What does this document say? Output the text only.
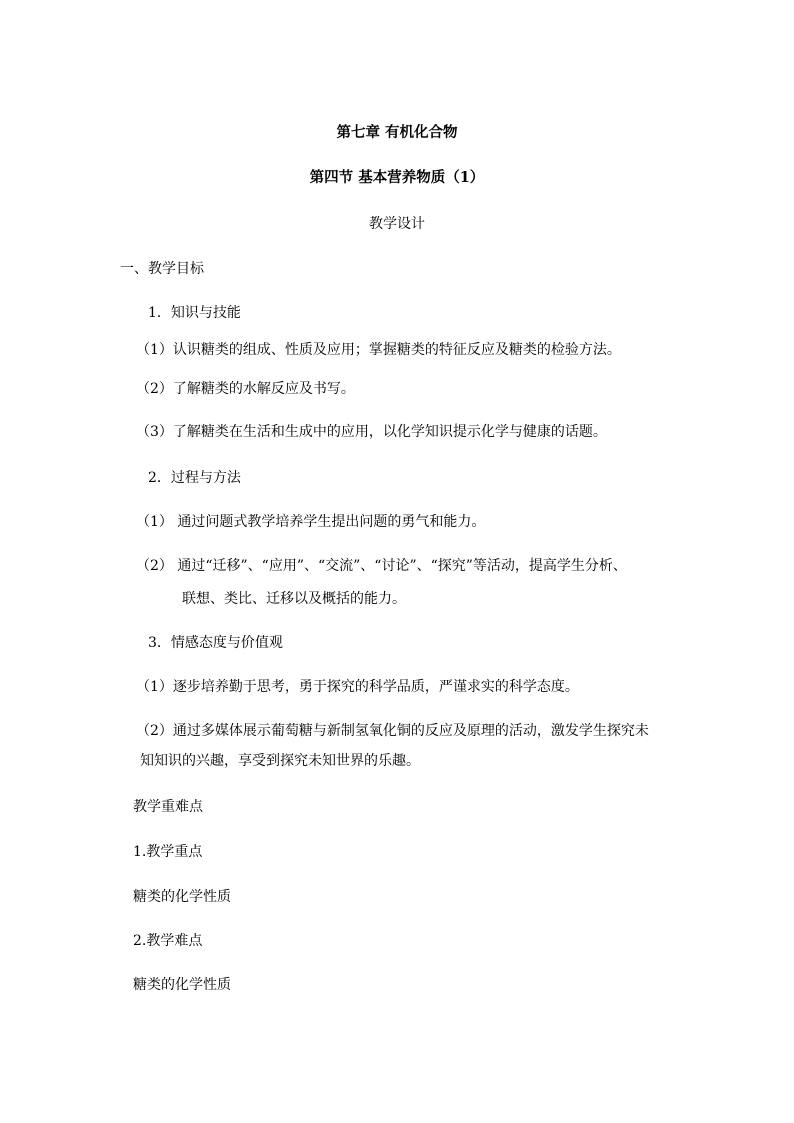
第七章 有机化合物
第四节 基本营养物质（1）
教学设计
一、教学目标
1．知识与技能
（1）认识糖类的组成、性质及应用；掌握糖类的特征反应及糖类的检验方法。
（2）了解糖类的水解反应及书写。
（3）了解糖类在生活和生成中的应用，以化学知识提示化学与健康的话题。
2．过程与方法
（1） 通过问题式教学培养学生提出问题的勇气和能力。
（2） 通过“迁移”、“应用”、“交流”、“讨论”、“探究”等活动，提高学生分析、
联想、类比、迁移以及概括的能力。
3．情感态度与价值观
（1）逐步培养勤于思考，勇于探究的科学品质，严谨求实的科学态度。
（2）通过多媒体展示葡萄糖与新制氢氧化铜的反应及原理的活动，激发学生探究未
知知识的兴趣，享受到探究未知世界的乐趣。
教学重难点
1.教学重点
糖类的化学性质
2.教学难点
糖类的化学性质
